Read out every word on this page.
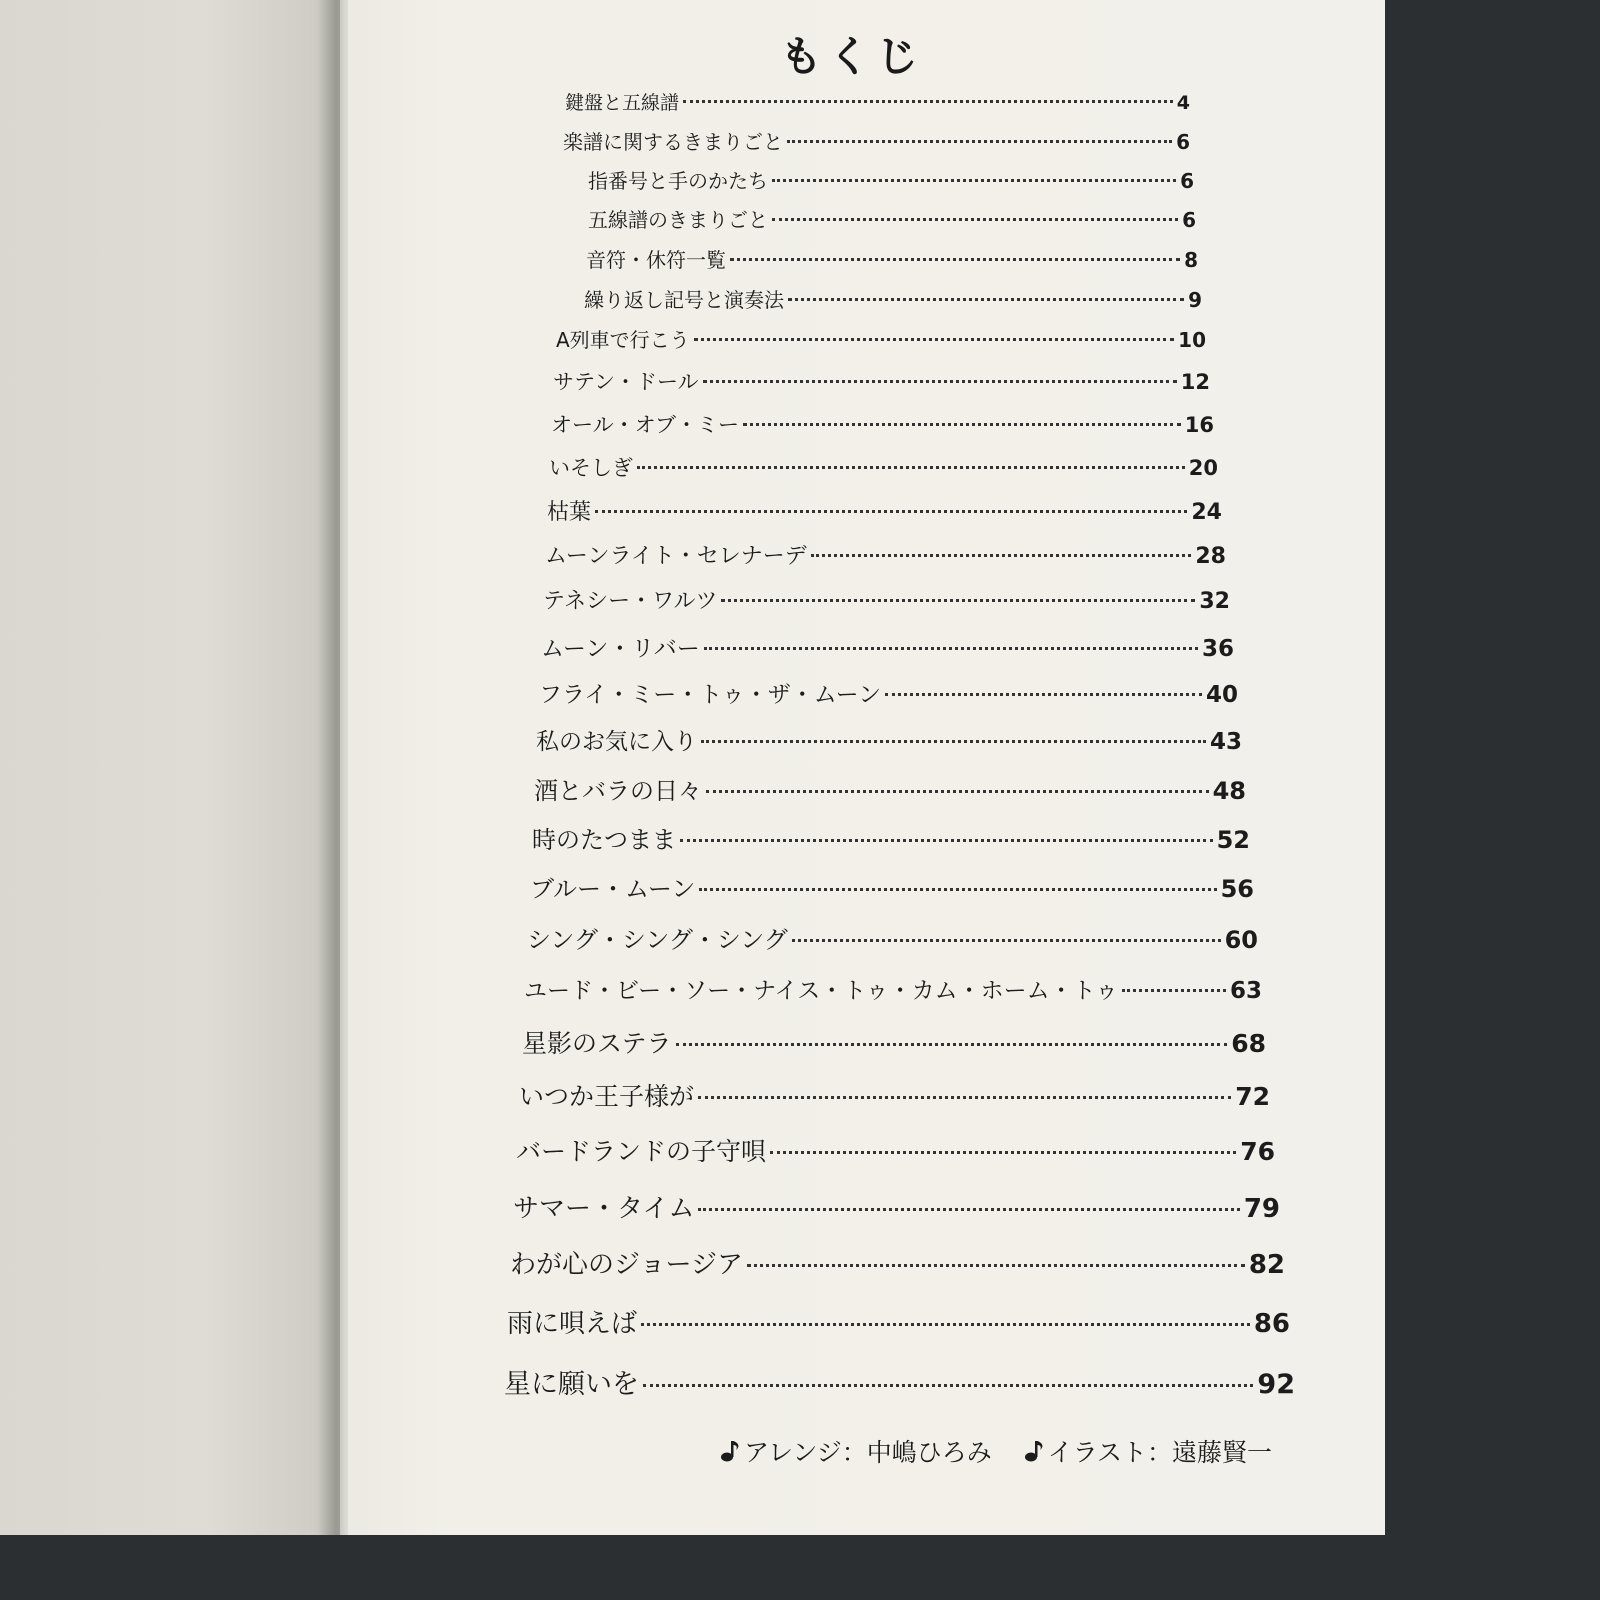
もくじ
鍵盤と五線譜	4
楽譜に関するきまりごと	6
指番号と手のかたち	6
五線譜のきまりごと	6
音符・休符一覧	8
繰り返し記号と演奏法	9
A列車で行こう	10
サテン・ドール	12
オール・オブ・ミー	16
いそしぎ	20
枯葉	24
ムーンライト・セレナーデ	28
テネシー・ワルツ	32
ムーン・リバー	36
フライ・ミー・トゥ・ザ・ムーン	40
私のお気に入り	43
酒とバラの日々	48
時のたつまま	52
ブルー・ムーン	56
シング・シング・シング	60
ユード・ビー・ソー・ナイス・トゥ・カム・ホーム・トゥ	63
星影のステラ	68
いつか王子様が	72
バードランドの子守唄	76
サマー・タイム	79
わが心のジョージア	82
雨に唄えば	86
星に願いを	92
アレンジ：中嶋ひろみ イラスト：遠藤賢一
